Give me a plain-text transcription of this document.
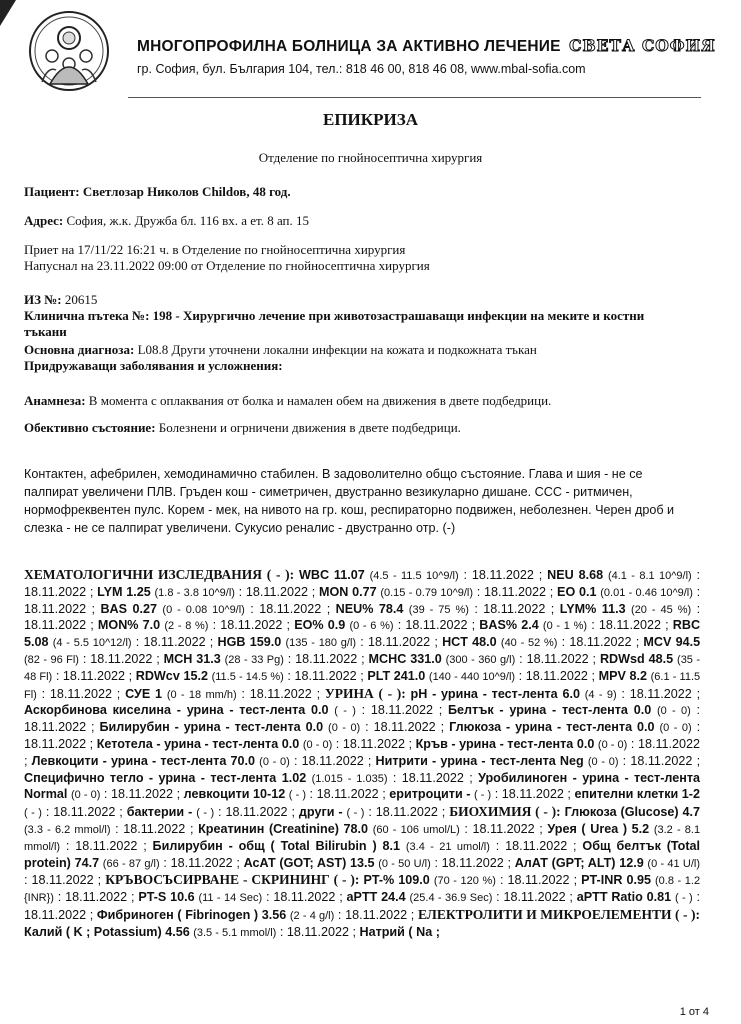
МНОГОПРОФИЛНА БОЛНИЦА ЗА АКТИВНО ЛЕЧЕНИЕ СВЕТА СОФИЯ
гр. София, бул. България 104, тел.: 818 46 00, 818 46 08, www.mbal-sofia.com
ЕПИКРИЗА
Отделение по гнойносептична хирургия
Пациент: Светлозар Николов Childов, 48 год.
Адрес: София, ж.к. Дружба бл. 116 вх. а ет. 8 ап. 15
Приет на 17/11/22 16:21 ч. в Отделение по гнойносептична хирургия
Напуснал на 23.11.2022 09:00 от Отделение по гнойносептична хирургия
ИЗ №: 20615
Клинична пътека №: 198 - Хирургично лечение при животозастрашаващи инфекции на меките и костни
тъкани
Основна диагноза: L08.8 Други уточнени локални инфекции на кожата и подкожната тъкан
Придружаващи заболявания и усложнения:
Анамнеза: В момента с оплаквания от болка и намален обем на движения в двете подбедрици.
Обективно състояние: Болезнени и огрничени движения в двете подбедрици.
Контактен, афебрилен, хемодинамично стабилен. В задоволително общо състояние. Глава и шия - не се
палпират увеличени ПЛВ. Гръден кош - симетричен, двустранно везикуларно дишане. ССС - ритмичен,
нормофреквентен пулс. Корем - мек, на нивото на гр. кош, респираторно подвижен, неболезнен. Черен дроб и
слезка - не се палпират увеличени. Сукусио реналис - двустранно отр. (-)
ХЕМАТОЛОГИЧНИ ИЗСЛЕДВАНИЯ ( - ): WBC 11.07 (4.5 - 11.5 10^9/l) : 18.11.2022 ; NEU 8.68 (4.1 - 8.1 10^9/l) : 18.11.2022 ; LYM 1.25 (1.8 - 3.8 10^9/l) : 18.11.2022 ; MON 0.77 (0.15 - 0.79 10^9/l) : 18.11.2022 ; EO 0.1 (0.01 - 0.46 10^9/l) : 18.11.2022 ; BAS 0.27 (0 - 0.08 10^9/l) : 18.11.2022 ; NEU% 78.4 (39 - 75 %) : 18.11.2022 ; LYM% 11.3 (20 - 45 %) : 18.11.2022 ; MON% 7.0 (2 - 8 %) : 18.11.2022 ; EO% 0.9 (0 - 6 %) : 18.11.2022 ; BAS% 2.4 (0 - 1 %) : 18.11.2022 ; RBC 5.08 (4 - 5.5 10^12/l) : 18.11.2022 ; HGB 159.0 (135 - 180 g/l) : 18.11.2022 ; HCT 48.0 (40 - 52 %) : 18.11.2022 ; MCV 94.5 (82 - 96 Fl) : 18.11.2022 ; MCH 31.3 (28 - 33 Pg) : 18.11.2022 ; MCHC 331.0 (300 - 360 g/l) : 18.11.2022 ; RDWsd 48.5 (35 - 48 Fl) : 18.11.2022 ; RDWcv 15.2 (11.5 - 14.5 %) : 18.11.2022 ; PLT 241.0 (140 - 440 10^9/l) : 18.11.2022 ; MPV 8.2 (6.1 - 11.5 Fl) : 18.11.2022 ; СУЕ 1 (0 - 18 mm/h) : 18.11.2022 ; УРИНА ( - ): pH - урина - тест-лента 6.0 (4 - 9) : 18.11.2022 ; Аскорбинова киселина - урина - тест-лента 0.0 ( - ) : 18.11.2022 ; Белтък - урина - тест-лента 0.0 (0 - 0) : 18.11.2022 ; Билирубин - урина - тест-лента 0.0 (0 - 0) : 18.11.2022 ; Глюкоза - урина - тест-лента 0.0 (0 - 0) : 18.11.2022 ; Кетотела - урина - тест-лента 0.0 (0 - 0) : 18.11.2022 ; Кръв - урина - тест-лента 0.0 (0 - 0) : 18.11.2022 ; Левкоцити - урина - тест-лента 70.0 (0 - 0) : 18.11.2022 ; Нитрити - урина - тест-лента Neg (0 - 0) : 18.11.2022 ; Специфично тегло - урина - тест-лента 1.02 (1.015 - 1.035) : 18.11.2022 ; Уробилиноген - урина - тест-лента Normal (0 - 0) : 18.11.2022 ; левкоцити 10-12 ( - ) : 18.11.2022 ; еритроцити - ( - ) : 18.11.2022 ; епителни клетки 1-2 ( - ) : 18.11.2022 ; бактерии - ( - ) : 18.11.2022 ; други - ( - ) : 18.11.2022 ; БИОХИМИЯ ( - ): Глюкоза (Glucose) 4.7 (3.3 - 6.2 mmol/l) : 18.11.2022 ; Креатинин (Creatinine) 78.0 (60 - 106 umol/L) : 18.11.2022 ; Урея ( Urea ) 5.2 (3.2 - 8.1 mmol/l) : 18.11.2022 ; Билирубин - общ ( Total Bilirubin ) 8.1 (3.4 - 21 umol/l) : 18.11.2022 ; Общ белтък (Total protein) 74.7 (66 - 87 g/l) : 18.11.2022 ; АсАТ (GOT; AST) 13.5 (0 - 50 U/l) : 18.11.2022 ; АлАТ (GPT; ALT) 12.9 (0 - 41 U/l) : 18.11.2022 ; КРЪВОСЪСИРВАНЕ - СКРИНИНГ ( - ): PT-% 109.0 (70 - 120 %) : 18.11.2022 ; PT-INR 0.95 (0.8 - 1.2 {INR}) : 18.11.2022 ; PT-S 10.6 (11 - 14 Sec) : 18.11.2022 ; aPTT 24.4 (25.4 - 36.9 Sec) : 18.11.2022 ; aPTT Ratio 0.81 ( - ) : 18.11.2022 ; Фибриноген ( Fibrinogen ) 3.56 (2 - 4 g/l) : 18.11.2022 ; ЕЛЕКТРОЛИТИ И МИКРОЕЛЕМЕНТИ ( - ): Калий ( K ; Potassium) 4.56 (3.5 - 5.1 mmol/l) : 18.11.2022 ; Натрий ( Na ;
1 от 4
